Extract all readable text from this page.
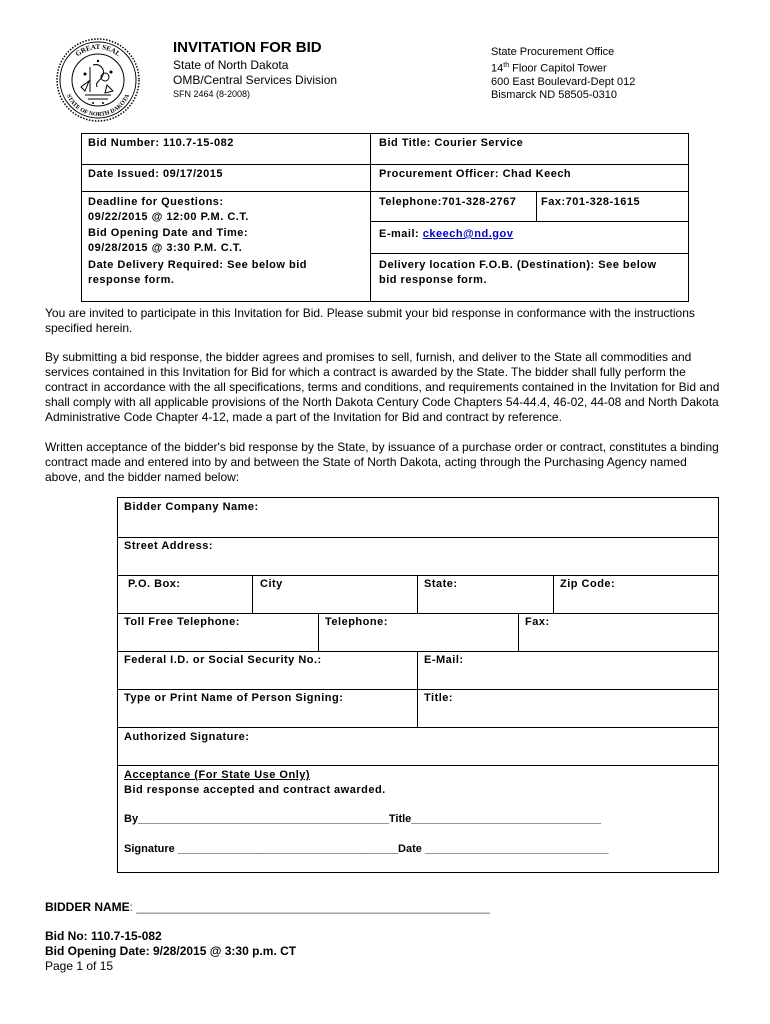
GREAT SEAL
STATE OF NORTH DAKOTA
INVITATION FOR BID
State of North Dakota
OMB/Central Services Division
SFN 2464 (8-2008)
State Procurement Office
14th Floor Capitol Tower
600 East Boulevard-Dept 012
Bismarck ND 58505-0310
Bid Number: 110.7-15-082	Bid Title: Courier Service
Date Issued: 09/17/2015	Procurement Officer: Chad Keech
Deadline for Questions:
09/22/2015 @ 12:00 P.M. C.T.
Bid Opening Date and Time:
09/28/2015 @ 3:30 P.M. C.T.
Date Delivery Required: See below bid
response form.
Telephone:701-328-2767 Fax:701-328-1615
E-mail: ckeech@nd.gov
Delivery location F.O.B. (Destination): See below
bid response form.
You are invited to participate in this Invitation for Bid. Please submit your bid response in conformance with the instructions specified herein.
By submitting a bid response, the bidder agrees and promises to sell, furnish, and deliver to the State all commodities and services contained in this Invitation for Bid for which a contract is awarded by the State. The bidder shall fully perform the contract in accordance with the all specifications, terms and conditions, and requirements contained in the Invitation for Bid and shall comply with all applicable provisions of the North Dakota Century Code Chapters 54-44.4, 46-02, 44-08 and North Dakota Administrative Code Chapter 4-12, made a part of the Invitation for Bid and contract by reference.
Written acceptance of the bidder's bid response by the State, by issuance of a purchase order or contract, constitutes a binding contract made and entered into by and between the State of North Dakota, acting through the Purchasing Agency named above, and the bidder named below:
Bidder Company Name:
Street Address:
P.O. Box:	City	State:	Zip Code:
Toll Free Telephone:	Telephone:	Fax:
Federal I.D. or Social Security No.:	E-Mail:
Type or Print Name of Person Signing:	Title:
Authorized Signature:
Acceptance (For State Use Only)
Bid response accepted and contract awarded.
By_________________________________________Title_______________________________
Signature ____________________________________Date ______________________________
BIDDER NAME: _____________________________________________________
Bid No: 110.7-15-082
Bid Opening Date: 9/28/2015 @ 3:30 p.m. CT
Page 1 of 15
